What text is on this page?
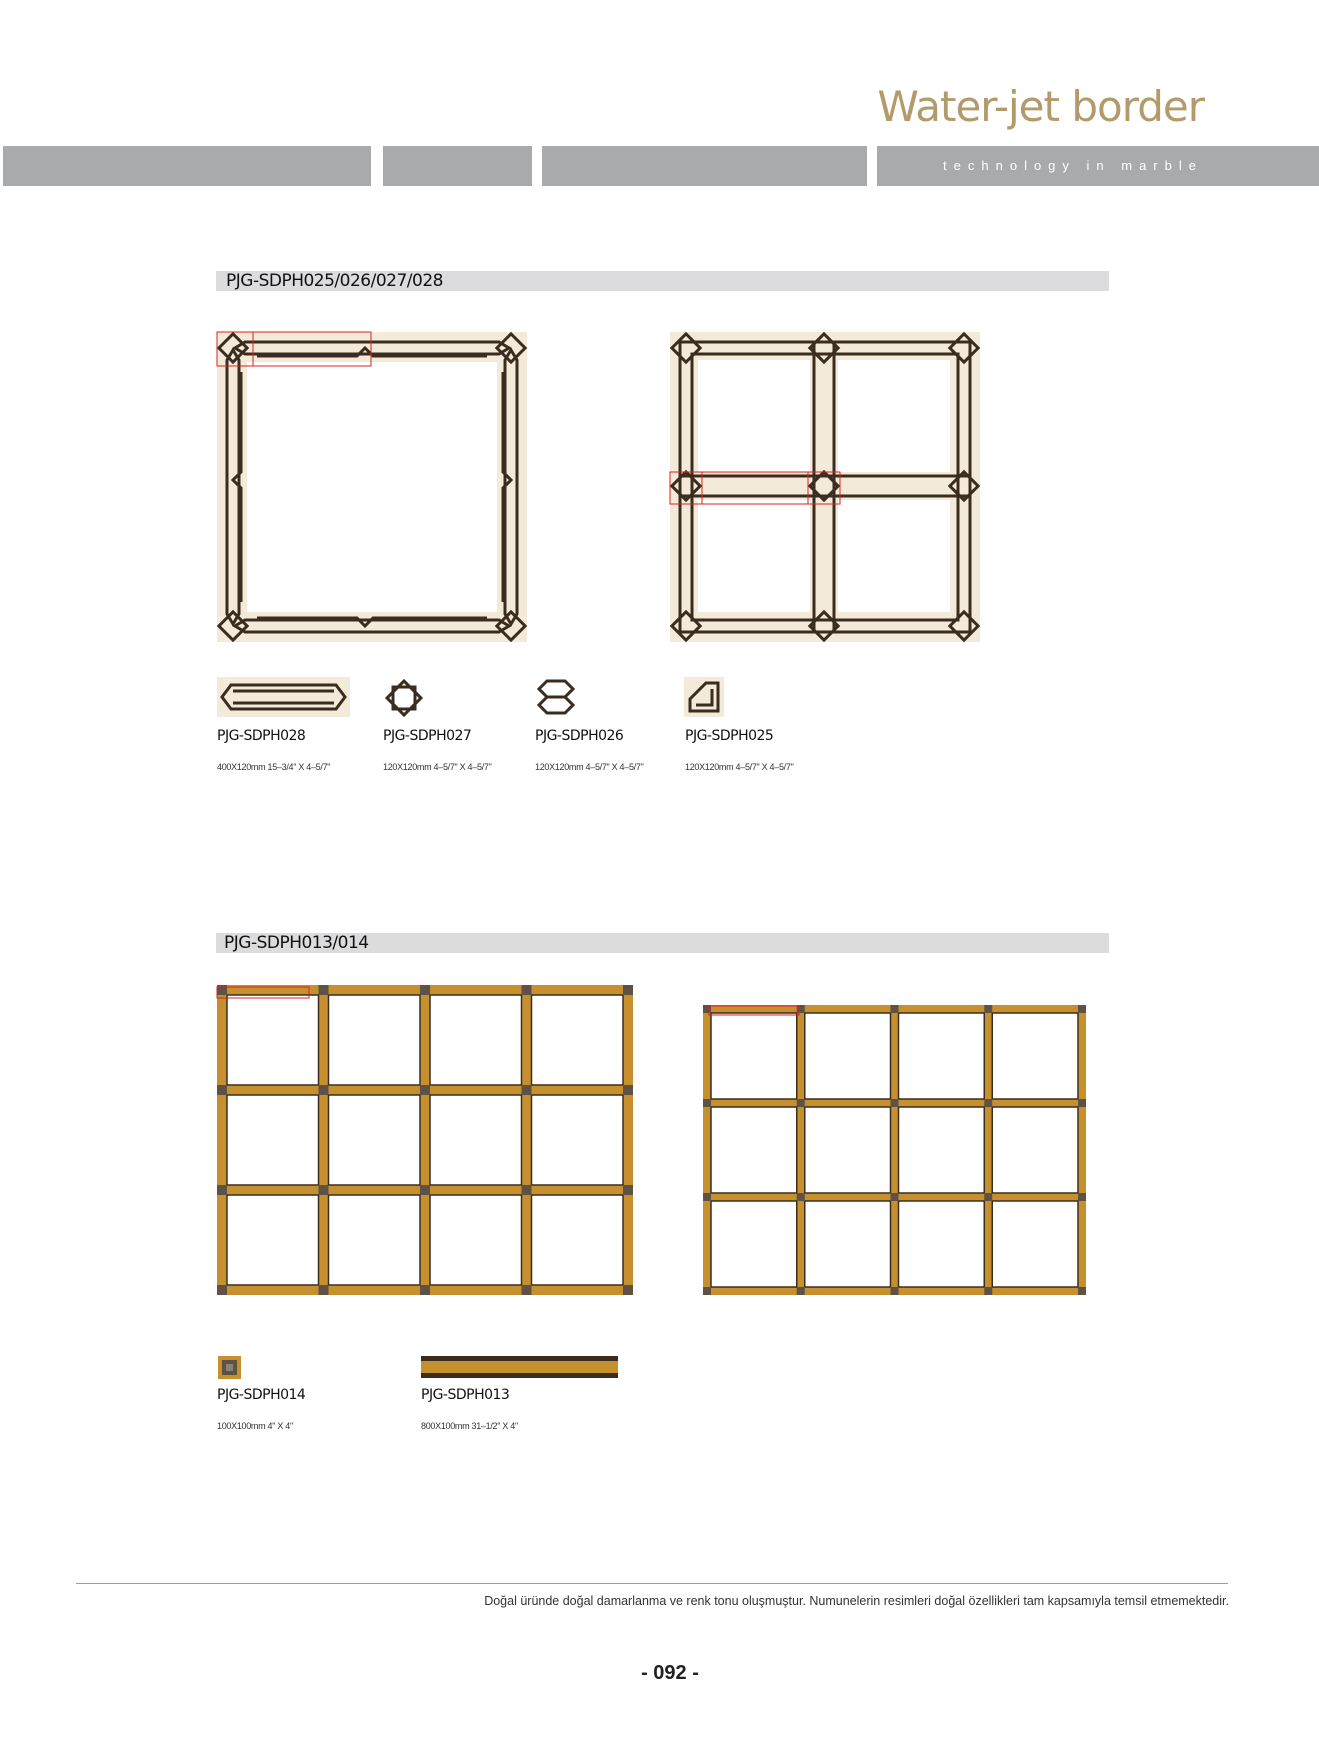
Water-jet border
technology in marble
PJG-SDPH025/026/027/028
PJG-SDPH028
400X120mm 15–3/4" X 4–5/7"
PJG-SDPH027
120X120mm 4–5/7" X 4–5/7"
PJG-SDPH026
120X120mm 4–5/7" X 4–5/7"
PJG-SDPH025
120X120mm 4–5/7" X 4–5/7"
PJG-SDPH013/014
PJG-SDPH014
100X100mm 4" X 4"
PJG-SDPH013
800X100mm 31–1/2" X 4"
Doğal üründe doğal damarlanma ve renk tonu oluşmuştur. Numunelerin resimleri doğal özellikleri tam kapsamıyla temsil etmemektedir.
- 092 -
